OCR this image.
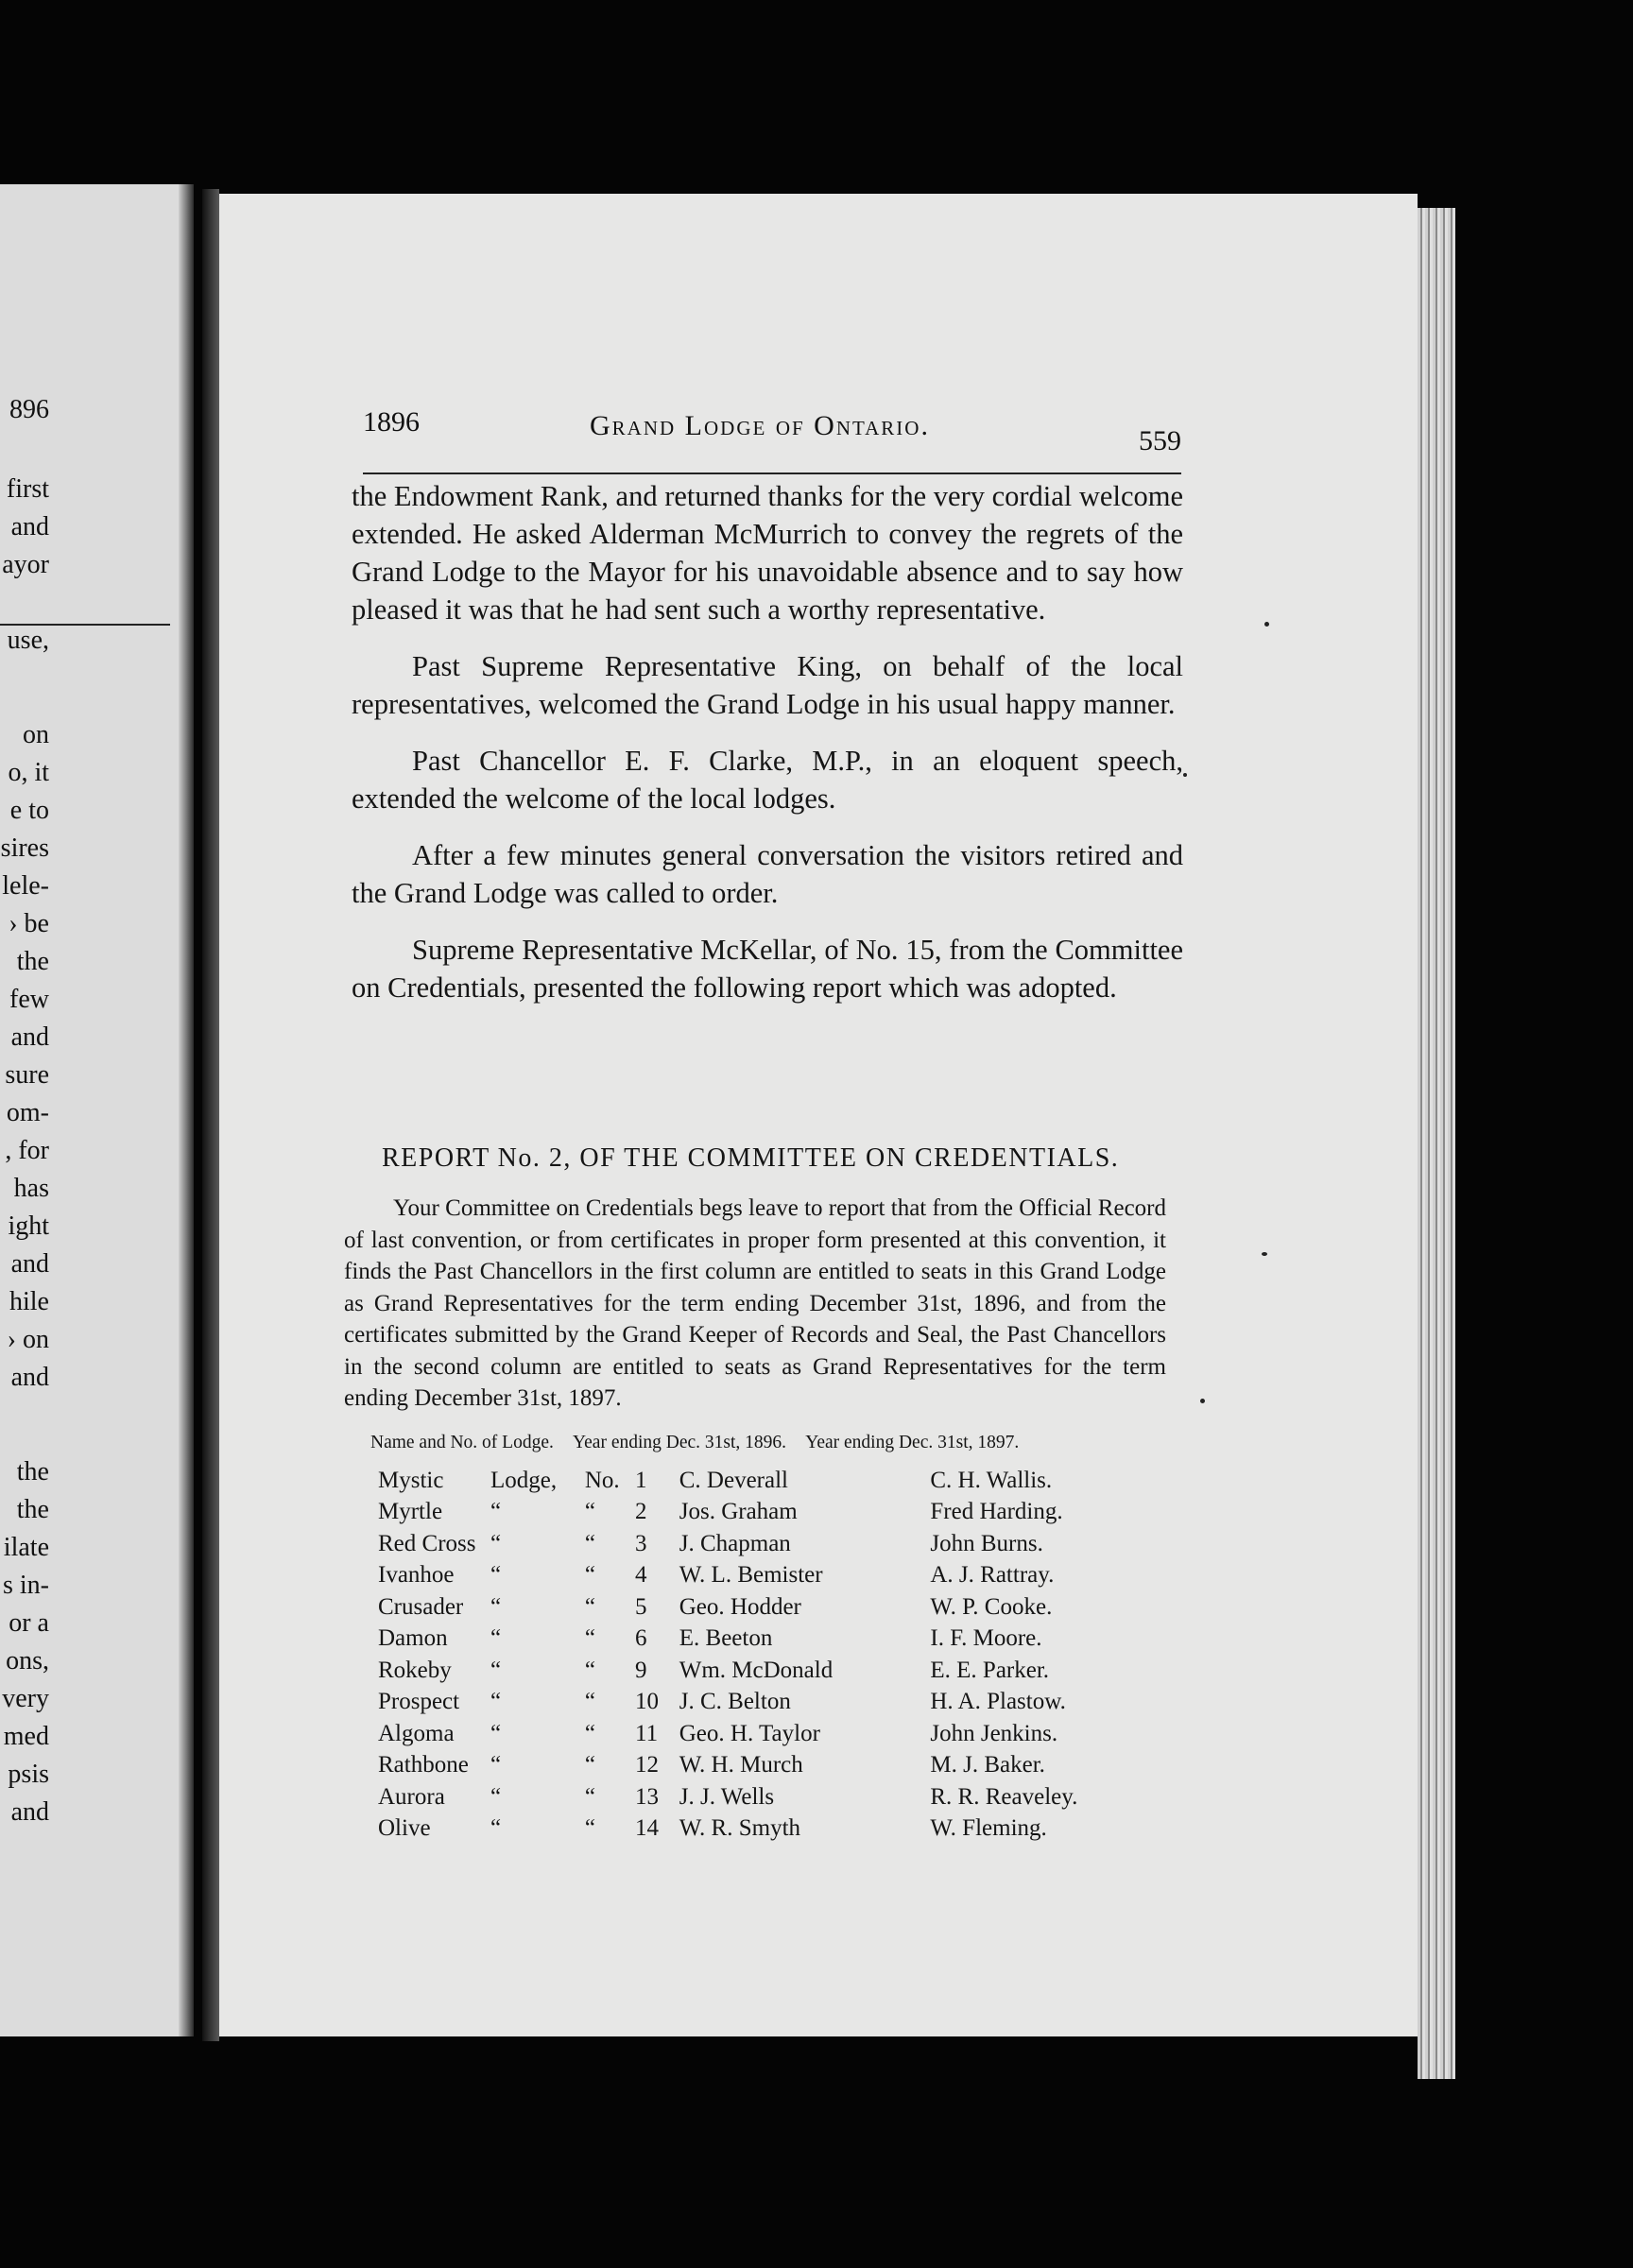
896
first
and
ayor
use,
on
o, it
e to
sires
lele-
› be
the
few
and
sure
om-
, for
has
ight
and
hile
› on
and
the
the
ilate
s in-
or a
ons,
very
med
psis
and
1896	Grand Lodge of Ontario.	559

the Endowment Rank, and returned thanks for the very cordial welcome extended. He asked Alderman McMurrich to convey the regrets of the Grand Lodge to the Mayor for his unavoidable absence and to say how pleased it was that he had sent such a worthy representative.

Past Supreme Representative King, on behalf of the local representatives, welcomed the Grand Lodge in his usual happy manner.

Past Chancellor E. F. Clarke, M.P., in an eloquent speech, extended the welcome of the local lodges.

After a few minutes general conversation the visitors retired and the Grand Lodge was called to order.

Supreme Representative McKellar, of No. 15, from the Committee on Credentials, presented the following report which was adopted.

REPORT No. 2, OF THE COMMITTEE ON CREDENTIALS.
Your Committee on Credentials begs leave to report that from the Official Record of last convention, or from certificates in proper form presented at this convention, it finds the Past Chancellors in the first column are entitled to seats in this Grand Lodge as Grand Representatives for the term ending December 31st, 1896, and from the certificates submitted by the Grand Keeper of Records and Seal, the Past Chancellors in the second column are entitled to seats as Grand Representatives for the term ending December 31st, 1897.
Name and No. of Lodge. Year ending Dec. 31st, 1896. Year ending Dec. 31st, 1897.
Mystic	Lodge,	No.	1	C. Deverall	C. H. Wallis.
Myrtle	“	“	2	Jos. Graham	Fred Harding.
Red Cross	“	“	3	J. Chapman	John Burns.
Ivanhoe	“	“	4	W. L. Bemister	A. J. Rattray.
Crusader	“	“	5	Geo. Hodder	W. P. Cooke.
Damon	“	“	6	E. Beeton	I. F. Moore.
Rokeby	“	“	9	Wm. McDonald	E. E. Parker.
Prospect	“	“	10	J. C. Belton	H. A. Plastow.
Algoma	“	“	11	Geo. H. Taylor	John Jenkins.
Rathbone	“	“	12	W. H. Murch	M. J. Baker.
Aurora	“	“	13	J. J. Wells	R. R. Reaveley.
Olive	“	“	14	W. R. Smyth	W. Fleming.
